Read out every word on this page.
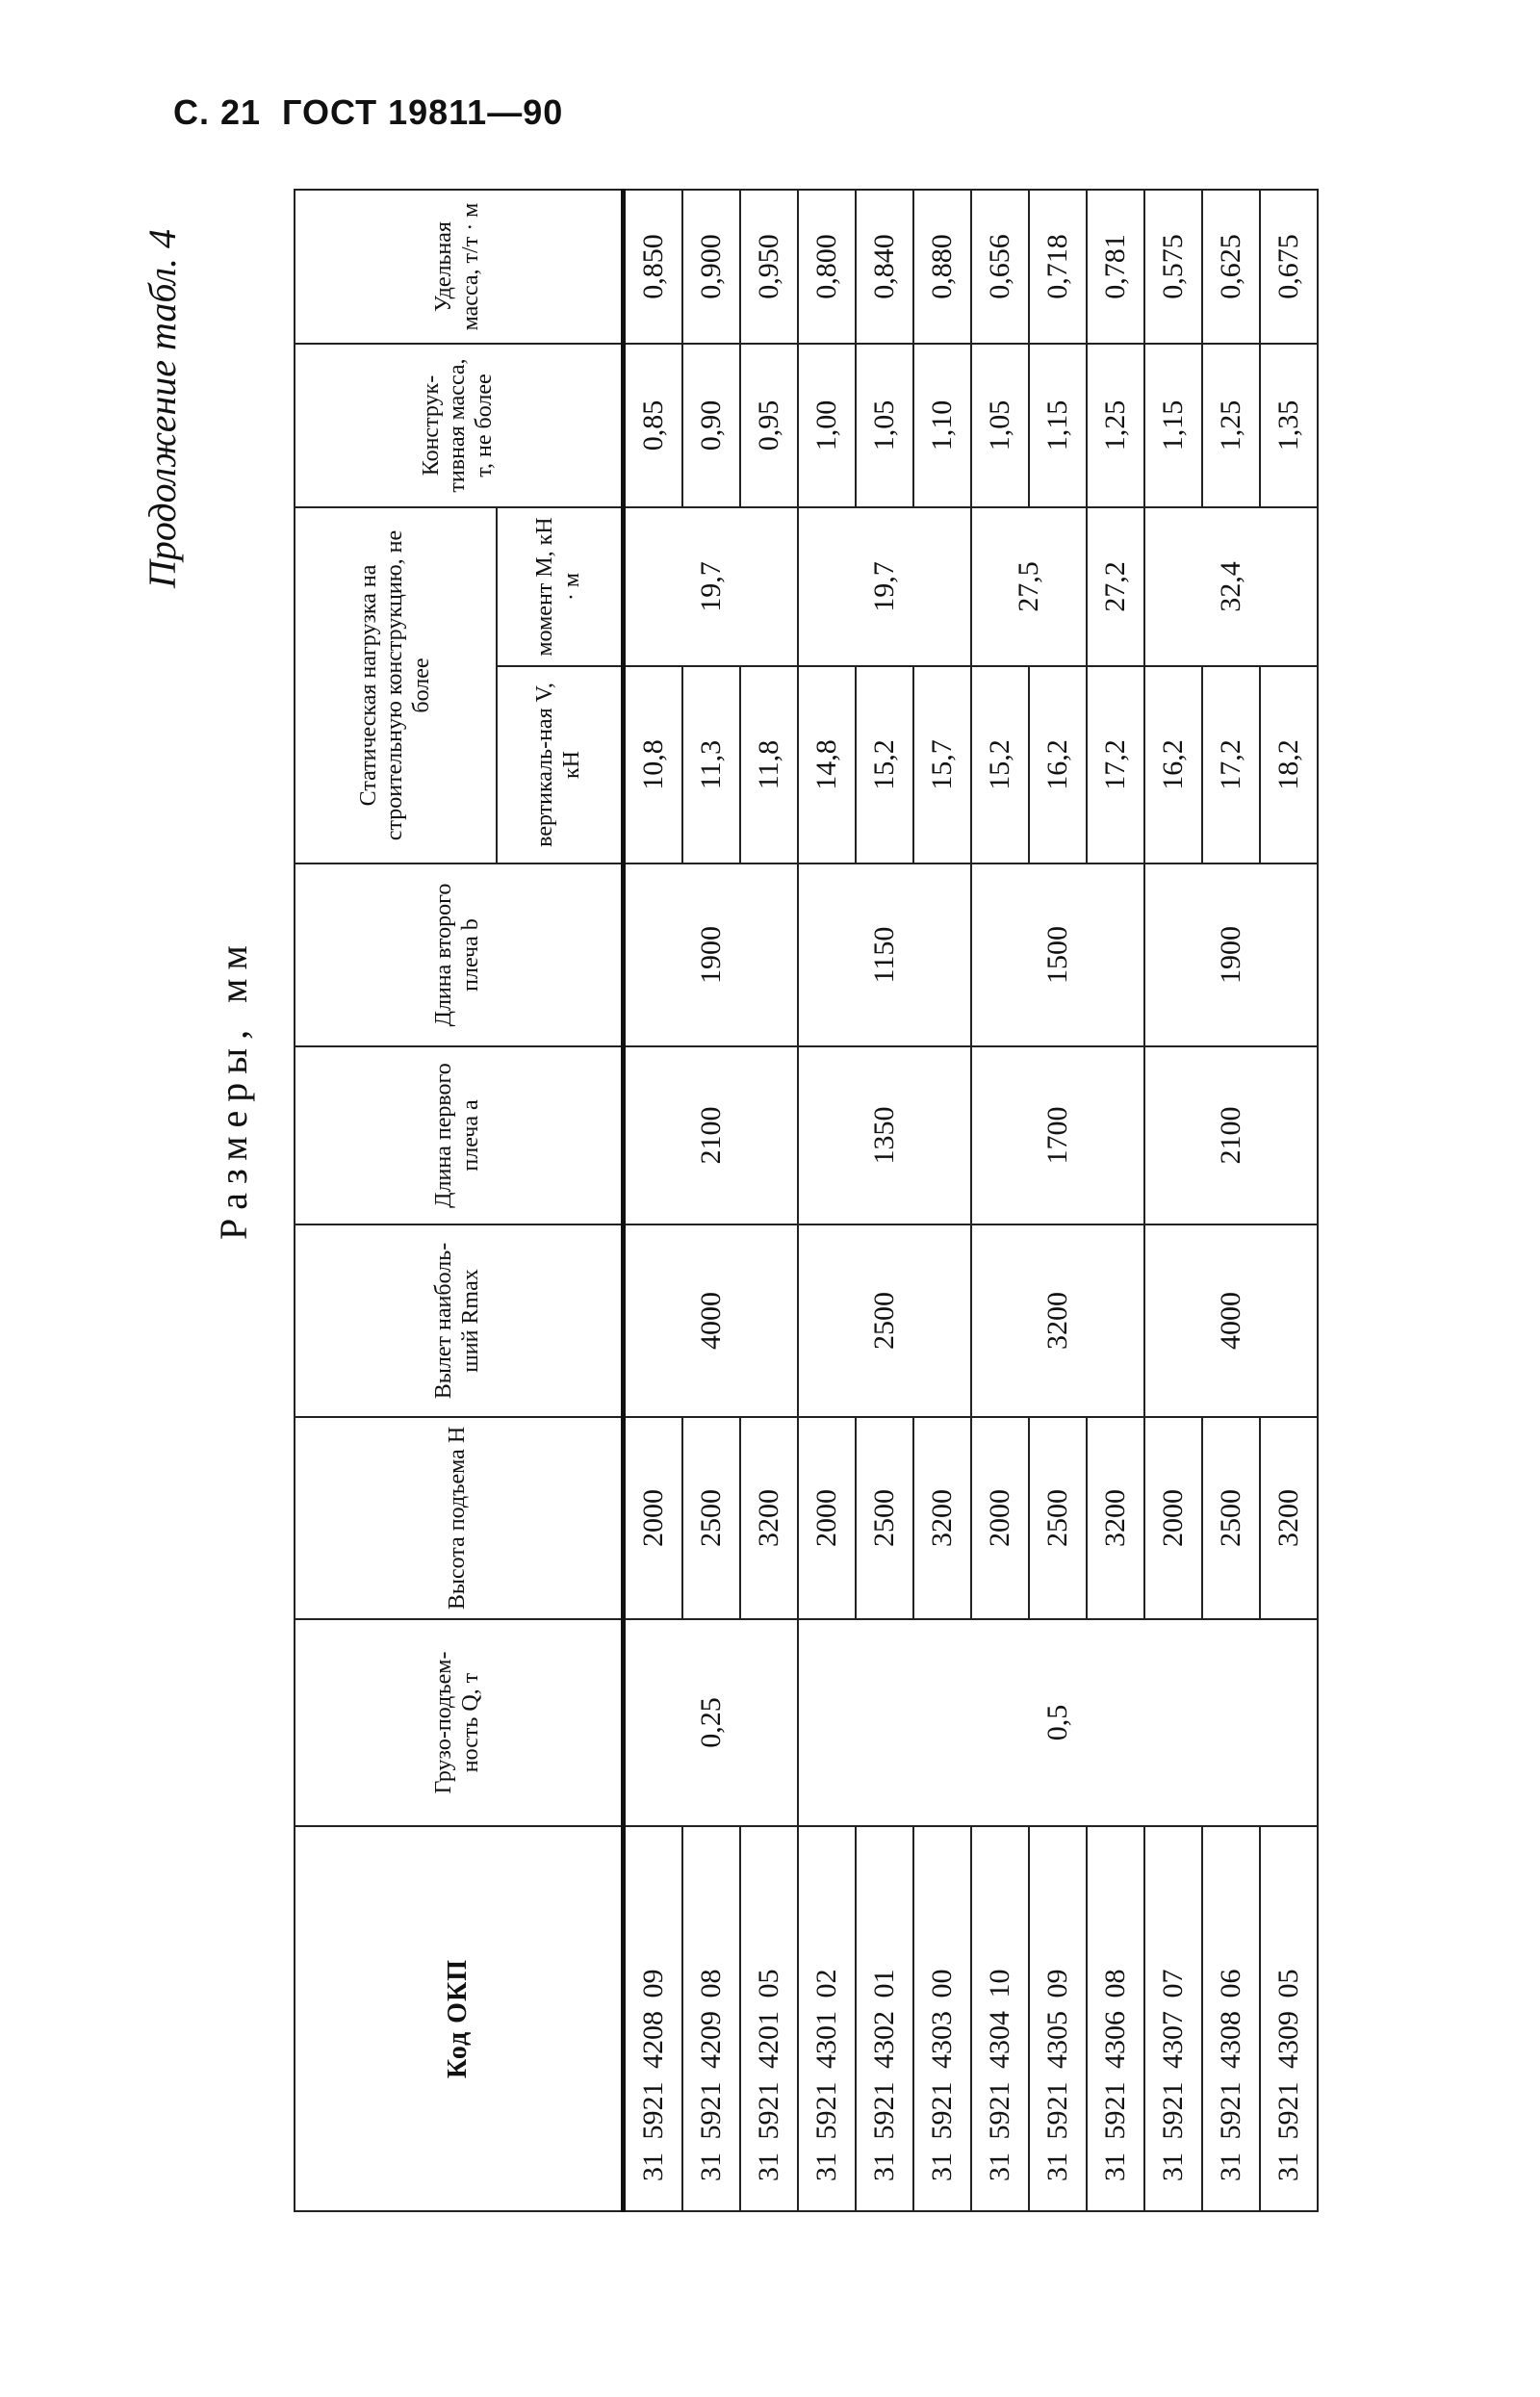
С. 21  ГОСТ 19811—90
Продолжение табл. 4
Размеры, мм
Код ОКП	Грузо-подъем-ность Q, т	Высота подъема H	Вылет наиболь-ший Rmax	Длина первого плеча a	Длина второго плеча b	Статическая нагрузка на строительную конструкцию, не более		Конструк-тивная масса, т, не более	Удельная масса, т/т · м
						вертикаль-ная V, кН	момент M, кН · м		
31 5921 4208 09	0,25	2000	4000	2100	1900	10,8	19,7	0,85	0,850
31 5921 4209 08		2500				11,3		0,90	0,900
31 5921 4201 05		3200				11,8		0,95	0,950
31 5921 4301 02	0,5	2000	2500	1350	1150	14,8	19,7	1,00	0,800
31 5921 4302 01		2500				15,2		1,05	0,840
31 5921 4303 00		3200				15,7		1,10	0,880
31 5921 4304 10		2000	3200	1700	1500	15,2	27,5	1,05	0,656
31 5921 4305 09		2500				16,2		1,15	0,718
31 5921 4306 08		3200				17,2	27,2	1,25	0,781
31 5921 4307 07		2000	4000	2100	1900	16,2	32,4	1,15	0,575
31 5921 4308 06		2500				17,2		1,25	0,625
31 5921 4309 05		3200				18,2		1,35	0,675
